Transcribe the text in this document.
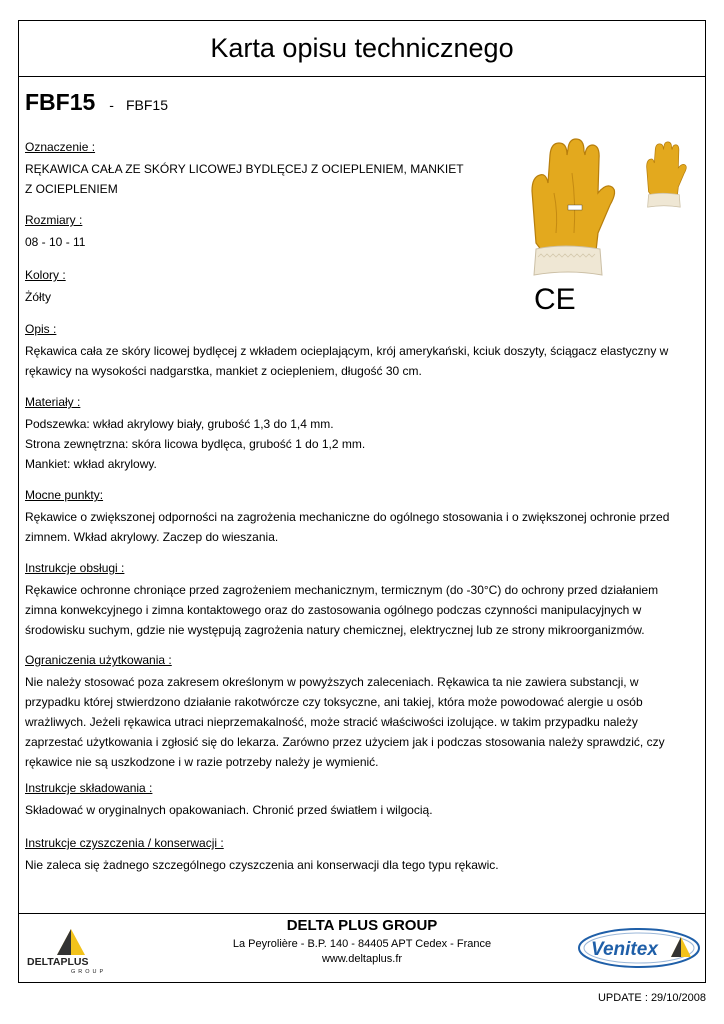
Karta opisu technicznego
FBF15 - FBF15
Oznaczenie :
RĘKAWICA CAŁA ZE SKÓRY LICOWEJ BYDLĘCEJ Z OCIEPLENIEM, MANKIET
Z OCIEPLENIEM
Rozmiary :
08 - 10 - 11
Kolory :
Żółty
Opis :
Rękawica cała ze skóry licowej bydlęcej z wkładem ocieplającym, krój amerykański, kciuk doszyty, ściągacz elastyczny w
rękawicy na wysokości nadgarstka, mankiet z ociepleniem, długość 30 cm.
Materiały :
Podszewka: wkład akrylowy biały, grubość 1,3 do 1,4 mm.
Strona zewnętrzna: skóra licowa bydlęca, grubość 1 do 1,2 mm.
Mankiet: wkład akrylowy.
Mocne punkty:
Rękawice o zwiększonej odporności na zagrożenia mechaniczne do ogólnego stosowania i o zwiększonej ochronie przed
zimnem. Wkład akrylowy. Zaczep do wieszania.
Instrukcje obsługi :
Rękawice ochronne chroniące przed zagrożeniem mechanicznym, termicznym (do -30°C) do ochrony przed działaniem
zimna konwekcyjnego i zimna kontaktowego oraz do zastosowania ogólnego podczas czynności manipulacyjnych w
środowisku suchym, gdzie nie występują zagrożenia natury chemicznej, elektrycznej lub ze strony mikroorganizmów.
Ograniczenia użytkowania :
Nie należy stosować poza zakresem określonym w powyższych zaleceniach. Rękawica ta nie zawiera substancji, w
przypadku której stwierdzono działanie rakotwórcze czy toksyczne, ani takiej, która może powodować alergie u osób
wrażliwych. Jeżeli rękawica utraci nieprzemakalność, może stracić właściwości izolujące. w takim przypadku należy
zaprzestać użytkowania i zgłosić się do lekarza. Zarówno przez użyciem jak i podczas stosowania należy sprawdzić, czy
rękawice nie są uszkodzone i w razie potrzeby należy je wymienić.
Instrukcje składowania :
Składować w oryginalnych opakowaniach. Chronić przed światłem i wilgocią.
Instrukcje czyszczenia / konserwacji :
Nie zaleca się żadnego szczególnego czyszczenia ani konserwacji dla tego typu rękawic.
CE
DELTA PLUS GROUP
La Peyrolière - B.P. 140 - 84405 APT Cedex - France
www.deltaplus.fr
DELTAPLUS
GROUP
Venitex
UPDATE : 29/10/2008
